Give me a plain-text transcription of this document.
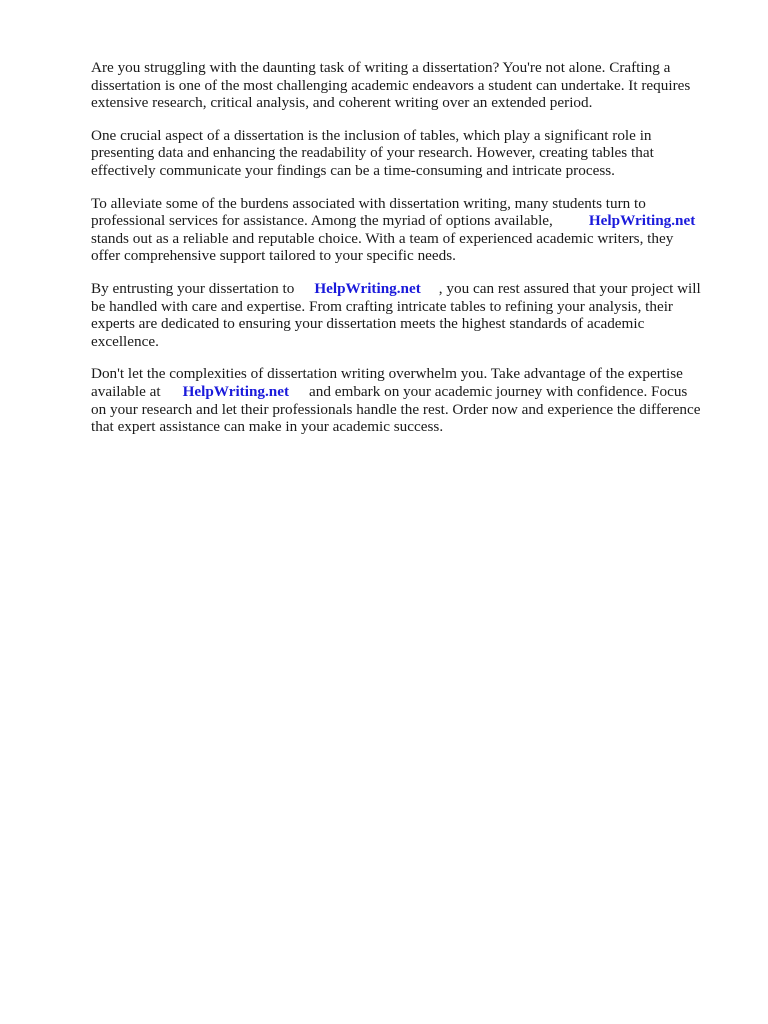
Are you struggling with the daunting task of writing a dissertation? You're not alone. Crafting a
dissertation is one of the most challenging academic endeavors a student can undertake. It requires
extensive research, critical analysis, and coherent writing over an extended period.

One crucial aspect of a dissertation is the inclusion of tables, which play a significant role in
presenting data and enhancing the readability of your research. However, creating tables that
effectively communicate your findings can be a time-consuming and intricate process.

To alleviate some of the burdens associated with dissertation writing, many students turn to
professional services for assistance. Among the myriad of options available, HelpWriting.net
stands out as a reliable and reputable choice. With a team of experienced academic writers, they
offer comprehensive support tailored to your specific needs.

By entrusting your dissertation to HelpWriting.net , you can rest assured that your project will
be handled with care and expertise. From crafting intricate tables to refining your analysis, their
experts are dedicated to ensuring your dissertation meets the highest standards of academic
excellence.

Don't let the complexities of dissertation writing overwhelm you. Take advantage of the expertise
available at HelpWriting.net and embark on your academic journey with confidence. Focus
on your research and let their professionals handle the rest. Order now and experience the difference
that expert assistance can make in your academic success.
